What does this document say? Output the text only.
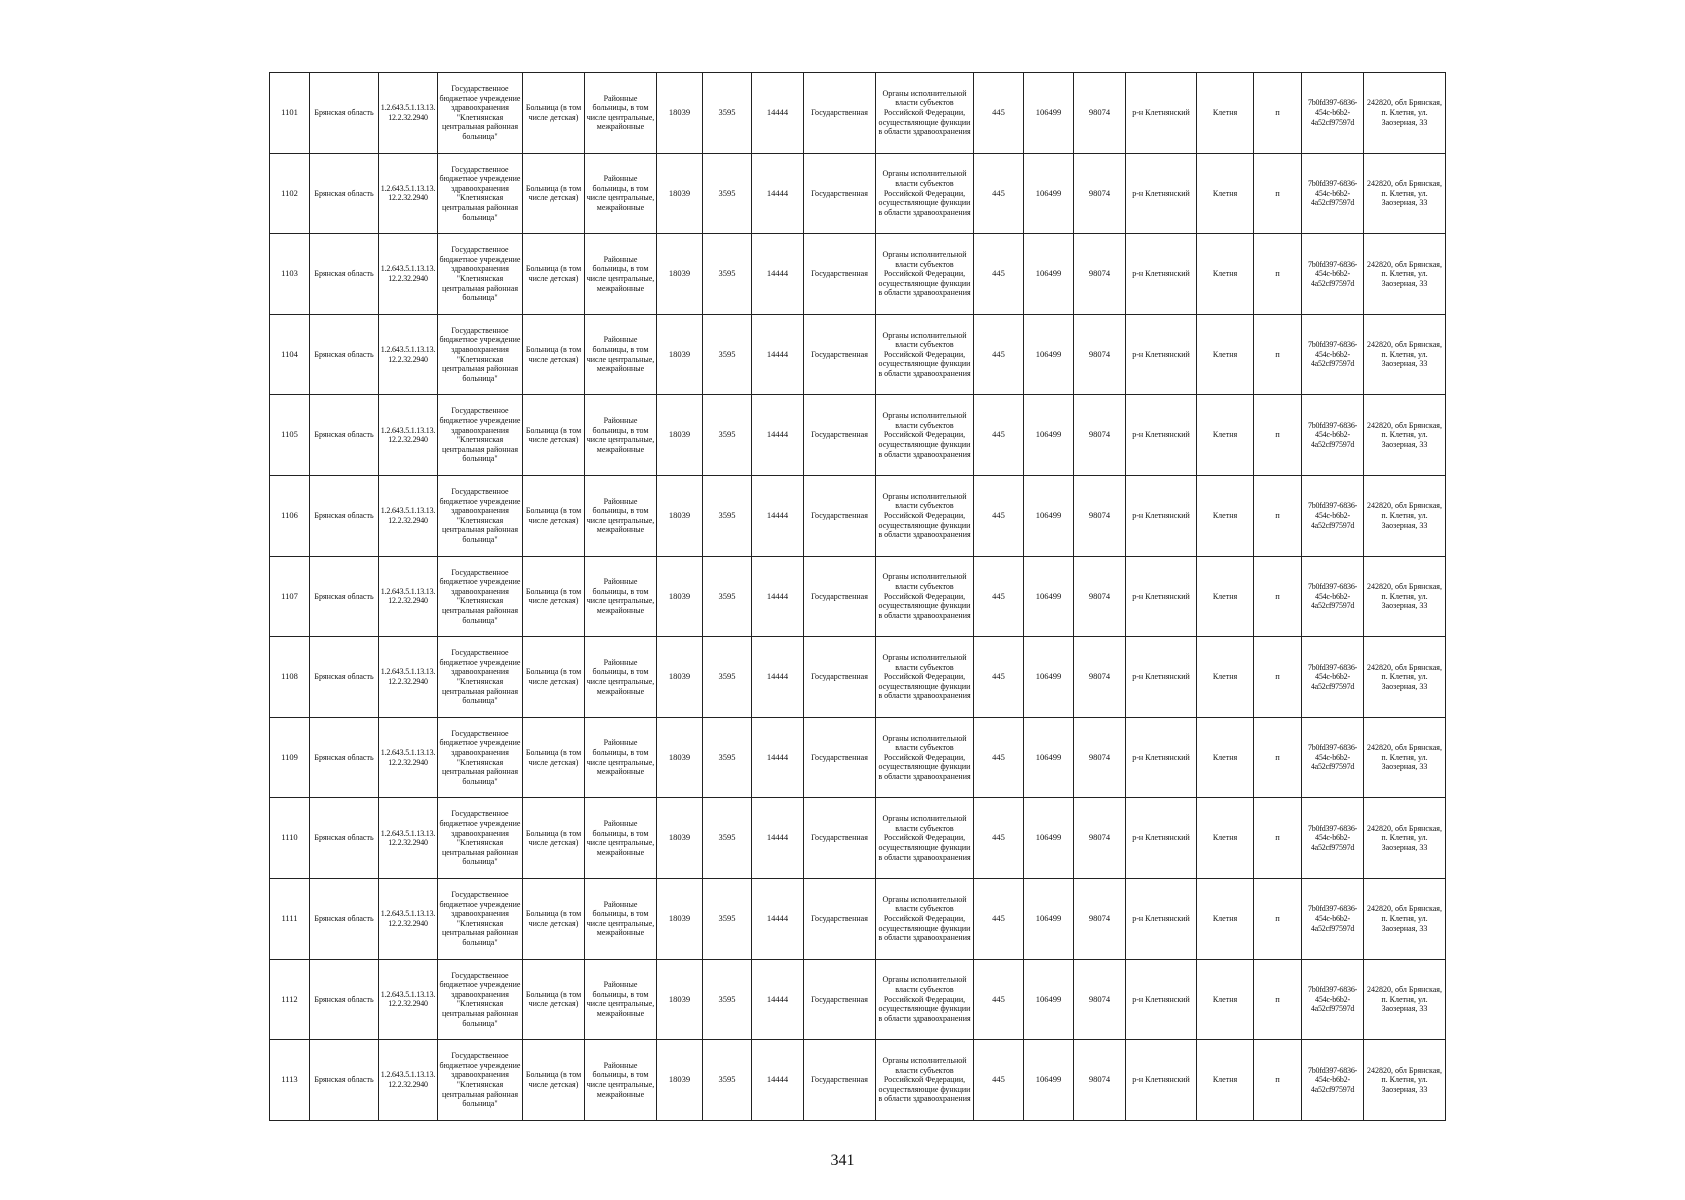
1101	Брянская область	1.2.643.5.1.13.13.12.2.32.2940	Государственное бюджетное учреждение здравоохранения "Клетнянская центральная районная больница"	Больница (в том числе детская)	Районные больницы, в том числе центральные, межрайонные	18039	3595	14444	Государственная	Органы исполнительной власти субъектов Российской Федерации, осуществляющие функции в области здравоохранения	445	106499	98074	р-н Клетнянский	Клетня	п	7b0fd397-6836-454c-b6b2-4a52cf97597d	242820, обл Брянская, п. Клетня, ул. Заозерная, 33
1102	Брянская область	1.2.643.5.1.13.13.12.2.32.2940	Государственное бюджетное учреждение здравоохранения "Клетнянская центральная районная больница"	Больница (в том числе детская)	Районные больницы, в том числе центральные, межрайонные	18039	3595	14444	Государственная	Органы исполнительной власти субъектов Российской Федерации, осуществляющие функции в области здравоохранения	445	106499	98074	р-н Клетнянский	Клетня	п	7b0fd397-6836-454c-b6b2-4a52cf97597d	242820, обл Брянская, п. Клетня, ул. Заозерная, 33
1103	Брянская область	1.2.643.5.1.13.13.12.2.32.2940	Государственное бюджетное учреждение здравоохранения "Клетнянская центральная районная больница"	Больница (в том числе детская)	Районные больницы, в том числе центральные, межрайонные	18039	3595	14444	Государственная	Органы исполнительной власти субъектов Российской Федерации, осуществляющие функции в области здравоохранения	445	106499	98074	р-н Клетнянский	Клетня	п	7b0fd397-6836-454c-b6b2-4a52cf97597d	242820, обл Брянская, п. Клетня, ул. Заозерная, 33
1104	Брянская область	1.2.643.5.1.13.13.12.2.32.2940	Государственное бюджетное учреждение здравоохранения "Клетнянская центральная районная больница"	Больница (в том числе детская)	Районные больницы, в том числе центральные, межрайонные	18039	3595	14444	Государственная	Органы исполнительной власти субъектов Российской Федерации, осуществляющие функции в области здравоохранения	445	106499	98074	р-н Клетнянский	Клетня	п	7b0fd397-6836-454c-b6b2-4a52cf97597d	242820, обл Брянская, п. Клетня, ул. Заозерная, 33
1105	Брянская область	1.2.643.5.1.13.13.12.2.32.2940	Государственное бюджетное учреждение здравоохранения "Клетнянская центральная районная больница"	Больница (в том числе детская)	Районные больницы, в том числе центральные, межрайонные	18039	3595	14444	Государственная	Органы исполнительной власти субъектов Российской Федерации, осуществляющие функции в области здравоохранения	445	106499	98074	р-н Клетнянский	Клетня	п	7b0fd397-6836-454c-b6b2-4a52cf97597d	242820, обл Брянская, п. Клетня, ул. Заозерная, 33
1106	Брянская область	1.2.643.5.1.13.13.12.2.32.2940	Государственное бюджетное учреждение здравоохранения "Клетнянская центральная районная больница"	Больница (в том числе детская)	Районные больницы, в том числе центральные, межрайонные	18039	3595	14444	Государственная	Органы исполнительной власти субъектов Российской Федерации, осуществляющие функции в области здравоохранения	445	106499	98074	р-н Клетнянский	Клетня	п	7b0fd397-6836-454c-b6b2-4a52cf97597d	242820, обл Брянская, п. Клетня, ул. Заозерная, 33
1107	Брянская область	1.2.643.5.1.13.13.12.2.32.2940	Государственное бюджетное учреждение здравоохранения "Клетнянская центральная районная больница"	Больница (в том числе детская)	Районные больницы, в том числе центральные, межрайонные	18039	3595	14444	Государственная	Органы исполнительной власти субъектов Российской Федерации, осуществляющие функции в области здравоохранения	445	106499	98074	р-н Клетнянский	Клетня	п	7b0fd397-6836-454c-b6b2-4a52cf97597d	242820, обл Брянская, п. Клетня, ул. Заозерная, 33
1108	Брянская область	1.2.643.5.1.13.13.12.2.32.2940	Государственное бюджетное учреждение здравоохранения "Клетнянская центральная районная больница"	Больница (в том числе детская)	Районные больницы, в том числе центральные, межрайонные	18039	3595	14444	Государственная	Органы исполнительной власти субъектов Российской Федерации, осуществляющие функции в области здравоохранения	445	106499	98074	р-н Клетнянский	Клетня	п	7b0fd397-6836-454c-b6b2-4a52cf97597d	242820, обл Брянская, п. Клетня, ул. Заозерная, 33
1109	Брянская область	1.2.643.5.1.13.13.12.2.32.2940	Государственное бюджетное учреждение здравоохранения "Клетнянская центральная районная больница"	Больница (в том числе детская)	Районные больницы, в том числе центральные, межрайонные	18039	3595	14444	Государственная	Органы исполнительной власти субъектов Российской Федерации, осуществляющие функции в области здравоохранения	445	106499	98074	р-н Клетнянский	Клетня	п	7b0fd397-6836-454c-b6b2-4a52cf97597d	242820, обл Брянская, п. Клетня, ул. Заозерная, 33
1110	Брянская область	1.2.643.5.1.13.13.12.2.32.2940	Государственное бюджетное учреждение здравоохранения "Клетнянская центральная районная больница"	Больница (в том числе детская)	Районные больницы, в том числе центральные, межрайонные	18039	3595	14444	Государственная	Органы исполнительной власти субъектов Российской Федерации, осуществляющие функции в области здравоохранения	445	106499	98074	р-н Клетнянский	Клетня	п	7b0fd397-6836-454c-b6b2-4a52cf97597d	242820, обл Брянская, п. Клетня, ул. Заозерная, 33
1111	Брянская область	1.2.643.5.1.13.13.12.2.32.2940	Государственное бюджетное учреждение здравоохранения "Клетнянская центральная районная больница"	Больница (в том числе детская)	Районные больницы, в том числе центральные, межрайонные	18039	3595	14444	Государственная	Органы исполнительной власти субъектов Российской Федерации, осуществляющие функции в области здравоохранения	445	106499	98074	р-н Клетнянский	Клетня	п	7b0fd397-6836-454c-b6b2-4a52cf97597d	242820, обл Брянская, п. Клетня, ул. Заозерная, 33
1112	Брянская область	1.2.643.5.1.13.13.12.2.32.2940	Государственное бюджетное учреждение здравоохранения "Клетнянская центральная районная больница"	Больница (в том числе детская)	Районные больницы, в том числе центральные, межрайонные	18039	3595	14444	Государственная	Органы исполнительной власти субъектов Российской Федерации, осуществляющие функции в области здравоохранения	445	106499	98074	р-н Клетнянский	Клетня	п	7b0fd397-6836-454c-b6b2-4a52cf97597d	242820, обл Брянская, п. Клетня, ул. Заозерная, 33
1113	Брянская область	1.2.643.5.1.13.13.12.2.32.2940	Государственное бюджетное учреждение здравоохранения "Клетнянская центральная районная больница"	Больница (в том числе детская)	Районные больницы, в том числе центральные, межрайонные	18039	3595	14444	Государственная	Органы исполнительной власти субъектов Российской Федерации, осуществляющие функции в области здравоохранения	445	106499	98074	р-н Клетнянский	Клетня	п	7b0fd397-6836-454c-b6b2-4a52cf97597d	242820, обл Брянская, п. Клетня, ул. Заозерная, 33
341
